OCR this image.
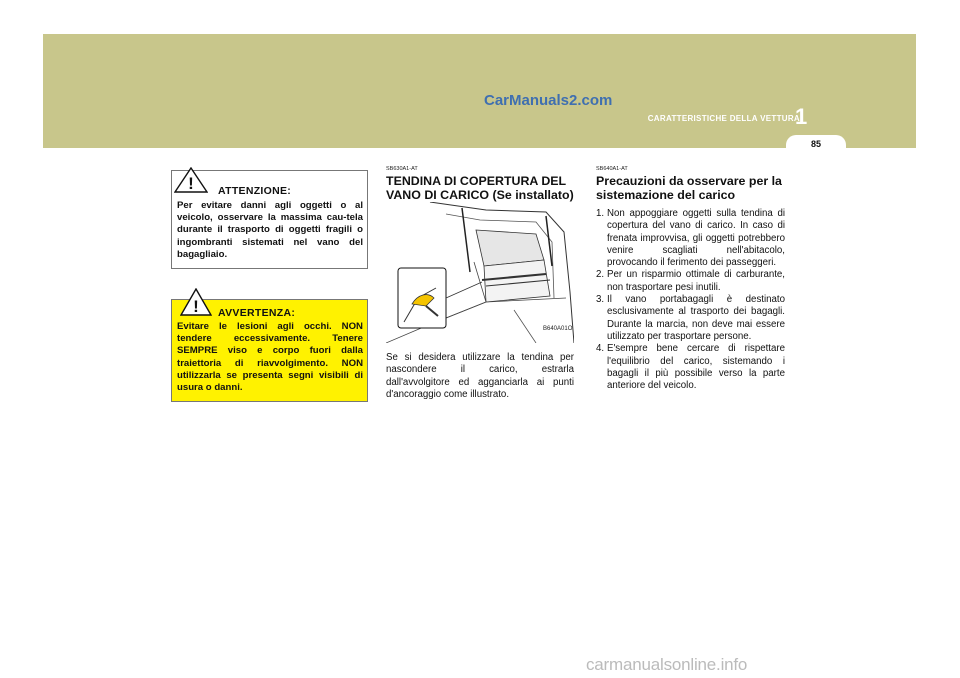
CarManuals2.com
CARATTERISTICHE DELLA VETTURA
1
85
! ATTENZIONE:
Per evitare danni agli oggetti o al veicolo, osservare la massima cau-tela durante il trasporto di oggetti fragili o ingombranti sistemati nel vano del bagagliaio.
! AVVERTENZA:
Evitare le lesioni agli occhi. NON tendere eccessivamente. Tenere SEMPRE viso e corpo fuori dalla traiettoria di riavvolgimento. NON utilizzarla se presenta segni visibili di usura o danni.
SB630A1-AT
TENDINA DI COPERTURA DEL
VANO DI CARICO (Se installato)
B640A01O
Se si desidera utilizzare la tendina per nascondere il carico, estrarla dall'avvolgitore ed agganciarla ai punti d'ancoraggio come illustrato.
SB640A1-AT
Precauzioni da osservare per la
sistemazione del carico
1. Non appoggiare oggetti sulla tendina di copertura del vano di carico. In caso di frenata improvvisa, gli oggetti potrebbero venire scagliati nell'abitacolo, provocando il ferimento dei passeggeri.
2. Per un risparmio ottimale di carburante, non trasportare pesi inutili.
3. Il vano portabagagli è destinato esclusivamente al trasporto dei bagagli. Durante la marcia, non deve mai essere utilizzato per trasportare persone.
4. E'sempre bene cercare di rispettare l'equilibrio del carico, sistemando i bagagli il più possibile verso la parte anteriore del veicolo.
carmanualsonline.info
